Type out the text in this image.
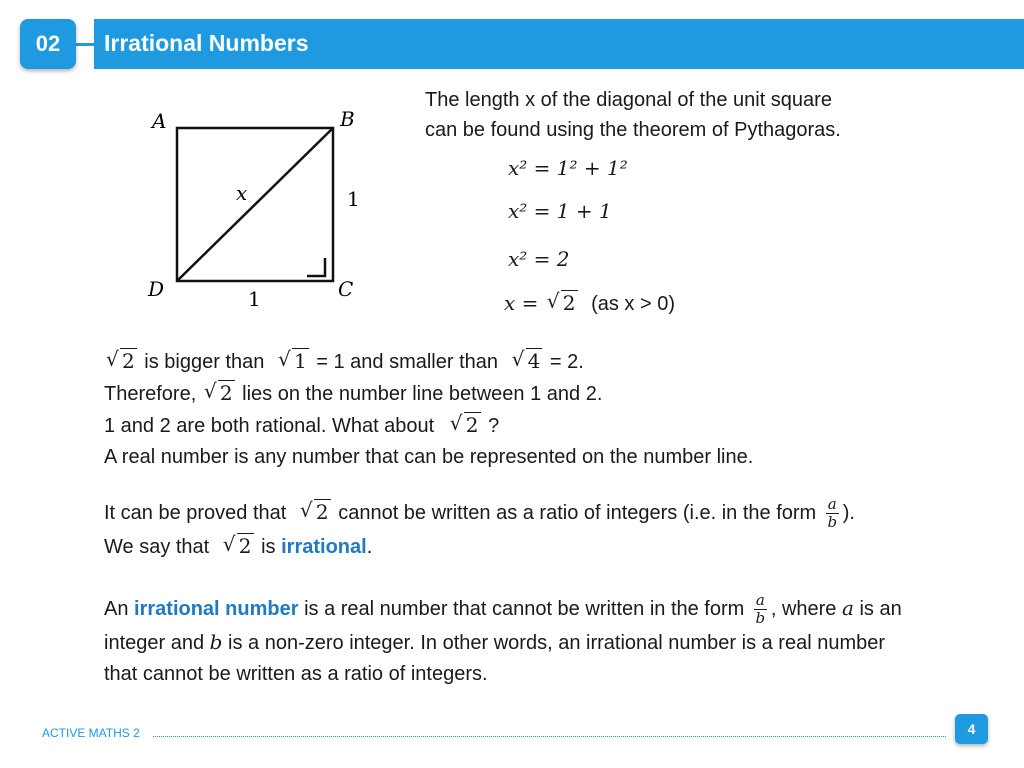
02	Irrational Numbers
A	B
C
D
x	1
1
The length x of the diagonal of the unit square
can be found using the theorem of Pythagoras.
x² = 1² + 1²
x² = 1 + 1
x² = 2
x = √ 2 (as x > 0)
√ 2 is bigger than √ 1 = 1 and smaller than √ 4 = 2.
Therefore, √ 2 lies on the number line between 1 and 2.
1 and 2 are both rational. What about √ 2 ?
A real number is any number that can be represented on the number line.
It can be proved that √ 2 cannot be written as a ratio of integers (i.e. in the form $\frac{a}{b}$ ).
We say that √ 2 is irrational.
An irrational number is a real number that cannot be written in the form $\frac{a}{b}$ , where a is an
integer and b is a non-zero integer. In other words, an irrational number is a real number
that cannot be written as a ratio of integers.
ACTIVE MATHS 2	4
